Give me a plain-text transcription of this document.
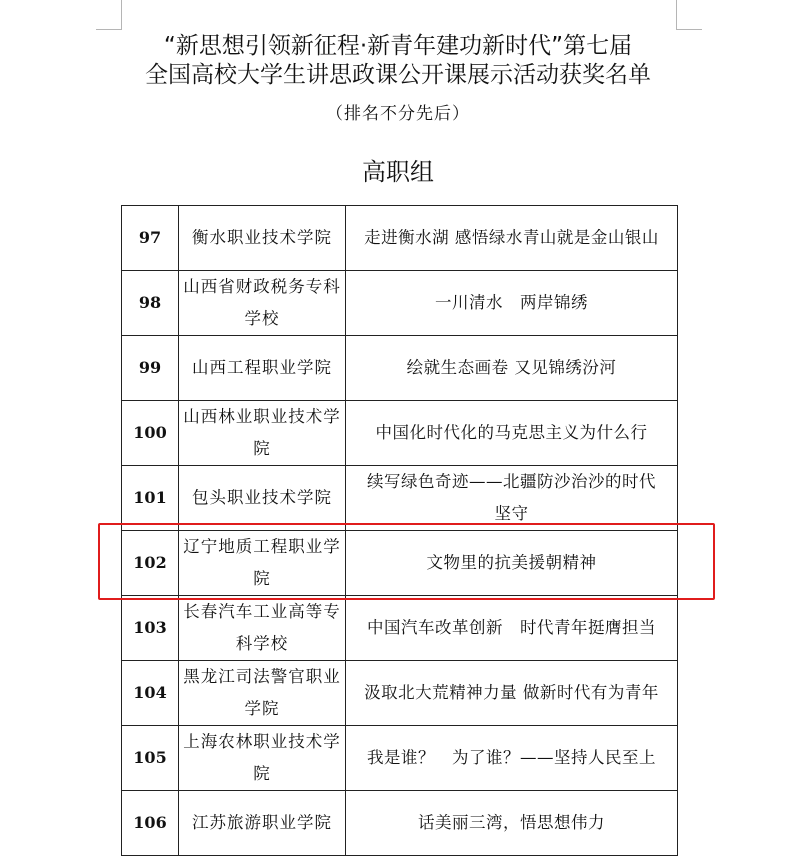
“新思想引领新征程·新青年建功新时代”第七届
全国高校大学生讲思政课公开课展示活动获奖名单
（排名不分先后）
高职组
97	衡水职业技术学院	走进衡水湖 感悟绿水青山就是金山银山
98	山西省财政税务专科学校	一川清水　两岸锦绣
99	山西工程职业学院	绘就生态画卷 又见锦绣汾河
100	山西林业职业技术学院	中国化时代化的马克思主义为什么行
101	包头职业技术学院	续写绿色奇迹——北疆防沙治沙的时代坚守
102	辽宁地质工程职业学院	文物里的抗美援朝精神
103	长春汽车工业高等专科学校	中国汽车改革创新　时代青年挺膺担当
104	黑龙江司法警官职业学院	汲取北大荒精神力量 做新时代有为青年
105	上海农林职业技术学院	我是谁？　为了谁？——坚持人民至上
106	江苏旅游职业学院	话美丽三湾，悟思想伟力
